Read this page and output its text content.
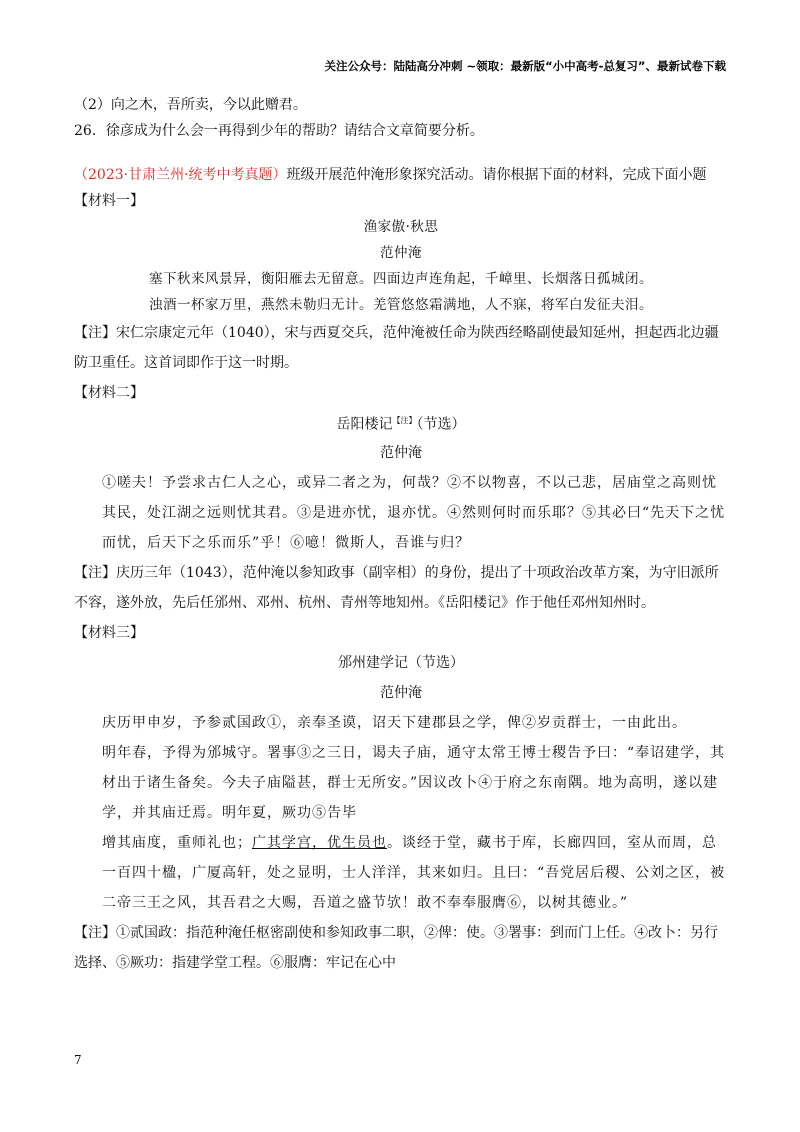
关注公众号：陆陆高分冲刺 ~领取：最新版“小中高考-总复习”、最新试卷下载

（2）向之木，吾所卖，今以此赠君。

26．徐彦成为什么会一再得到少年的帮助？请结合文章简要分析。

（2023·甘肃兰州·统考中考真题）班级开展范仲淹形象探究活动。请你根据下面的材料，完成下面小题

【材料一】

渔家傲·秋思

范仲淹

塞下秋来风景异，衡阳雁去无留意。四面边声连角起，千嶂里、长烟落日孤城闭。

浊酒一杯家万里，燕然未勒归无计。羌管悠悠霜满地，人不寐，将军白发征夫泪。

【注】宋仁宗康定元年（1040），宋与西夏交兵，范仲淹被任命为陕西经略副使最知延州，担起西北边疆防卫重任。这首词即作于这一时期。

【材料二】

岳阳楼记$^{【注】}$（节选）

范仲淹

①嗟夫！予尝求古仁人之心，或异二者之为，何哉？②不以物喜，不以己悲，居庙堂之高则忧其民，处江湖之远则忧其君。③是进亦忧，退亦忧。④然则何时而乐耶？⑤其必曰“先天下之忧而忧，后天下之乐而乐”乎！⑥噫！微斯人，吾谁与归？

【注】庆历三年（1043），范仲淹以参知政事（副宰相）的身份，提出了十项政治改革方案，为守旧派所不容，遂外放，先后任邠州、邓州、杭州、青州等地知州。《岳阳楼记》作于他任邓州知州时。

【材料三】

邠州建学记（节选）

范仲淹

庆历甲申岁，予参贰国政①，亲奉圣谟，诏天下建郡县之学，俾②岁贡群士，一由此出。

明年春，予得为邠城守。署事③之三日，谒夫子庙，通守太常王博士稷告予曰：“奉诏建学，其材出于诸生备矣。今夫子庙隘甚，群士无所安。”因议改卜④于府之东南隅。地为高明，遂以建学，并其庙迁焉。明年夏，厥功⑤告毕

增其庙度，重师礼也；广其学宫，优生员也。谈经于堂，藏书于库，长廊四回，室从而周，总一百四十楹，广厦高轩，处之显明，士人洋洋，其来如归。且曰：“吾党居后稷、公刘之区，被二帝三王之风，其吾君之大赐，吾道之盛节欤！敢不奉奉服膺⑥，以树其德业。”

【注】①贰国政：指范种淹任枢密副使和参知政事二职，②俾：使。③署事：到而门上任。④改卜：另行选择、⑤厥功：指建学堂工程。⑥服膺：牢记在心中

7
